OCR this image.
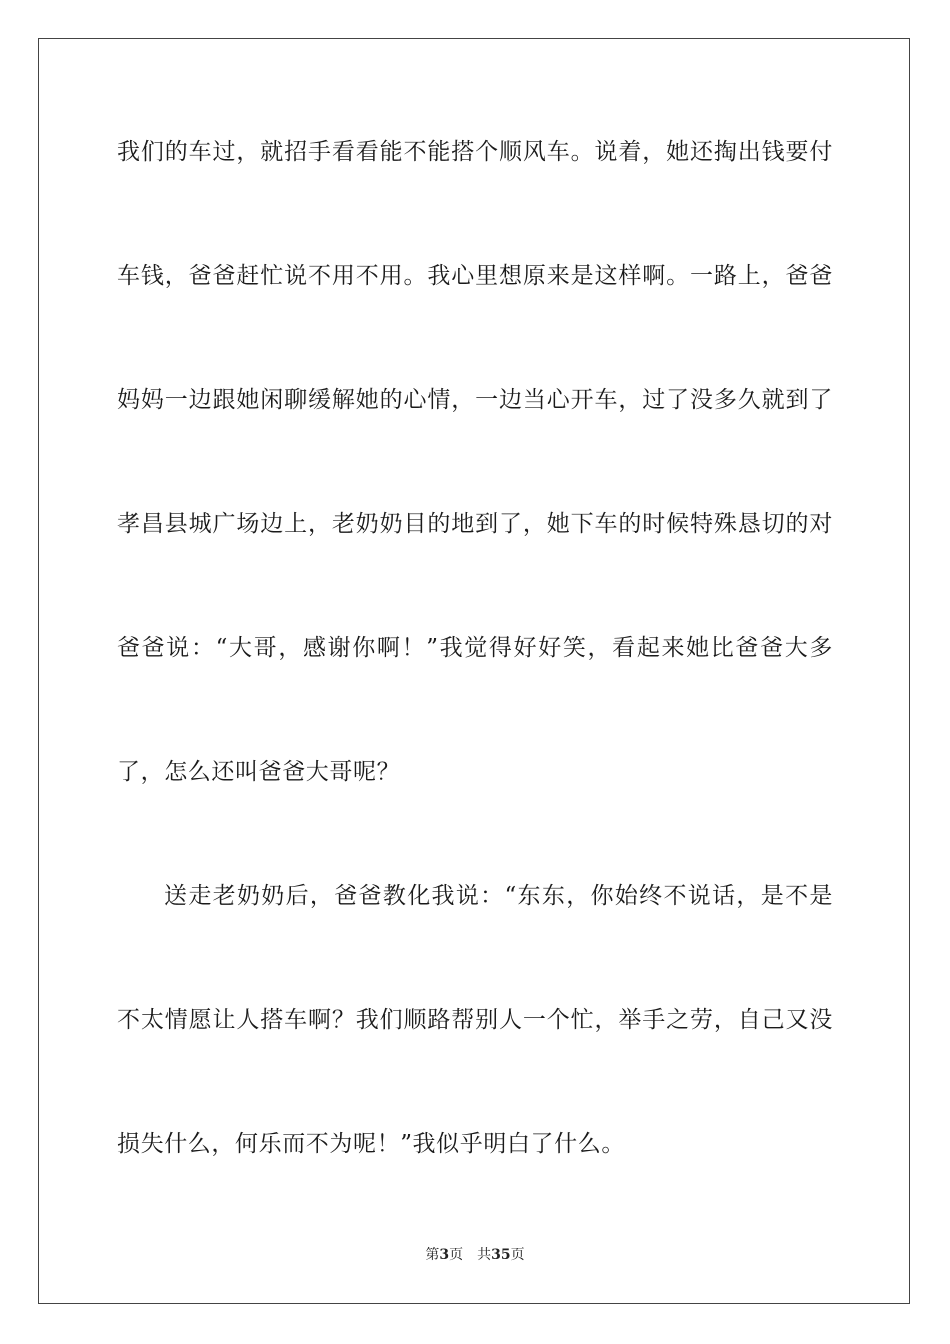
我们的车过，就招手看看能不能搭个顺风车。说着，她还掏出钱要付
车钱，爸爸赶忙说不用不用。我心里想原来是这样啊。一路上，爸爸
妈妈一边跟她闲聊缓解她的心情，一边当心开车，过了没多久就到了
孝昌县城广场边上，老奶奶目的地到了，她下车的时候特殊恳切的对
爸爸说：“大哥，感谢你啊！”我觉得好好笑，看起来她比爸爸大多
了，怎么还叫爸爸大哥呢？
送走老奶奶后，爸爸教化我说：“东东，你始终不说话，是不是
不太情愿让人搭车啊？我们顺路帮别人一个忙，举手之劳，自己又没
损失什么，何乐而不为呢！”我似乎明白了什么。
第3页 共35页
